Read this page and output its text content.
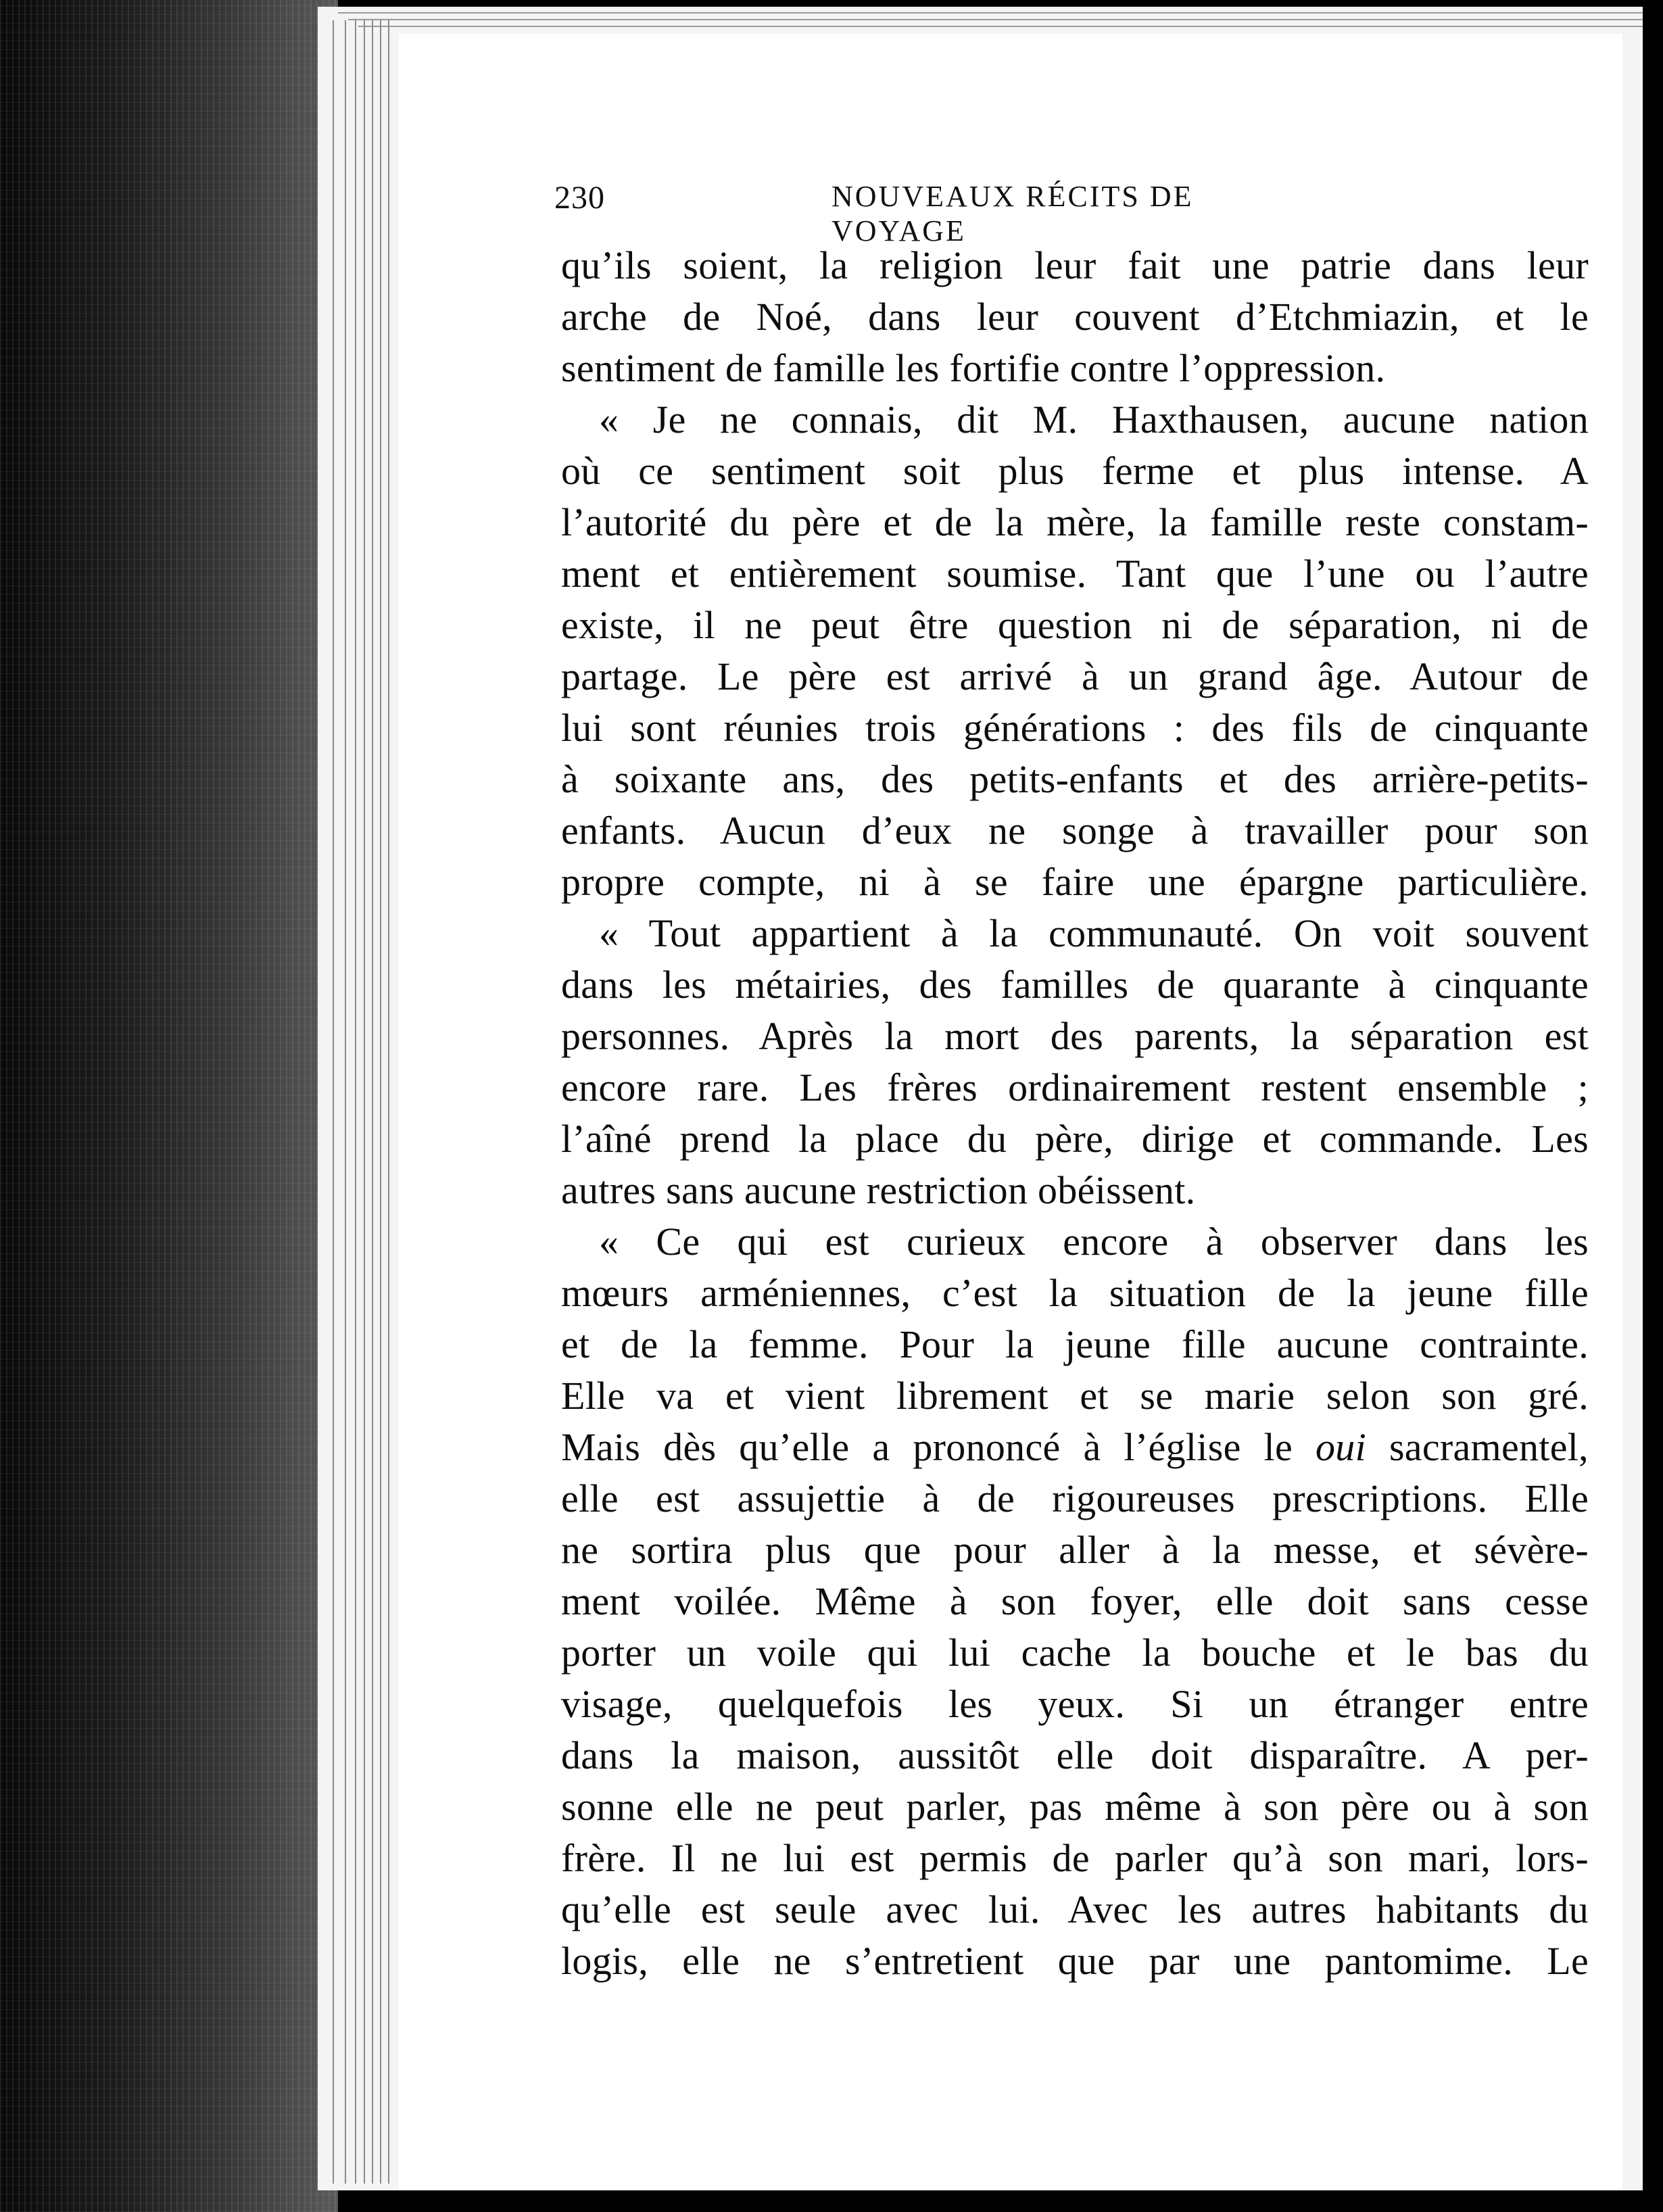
230	NOUVEAUX RÉCITS DE VOYAGE
qu’ils soient, la religion leur fait une patrie dans leur
arche de Noé, dans leur couvent d’Etchmiazin, et le
sentiment de famille les fortifie contre l’oppression.
« Je ne connais, dit M. Haxthausen, aucune nation
où ce sentiment soit plus ferme et plus intense. A
l’autorité du père et de la mère, la famille reste constam-
ment et entièrement soumise. Tant que l’une ou l’autre
existe, il ne peut être question ni de séparation, ni de
partage. Le père est arrivé à un grand âge. Autour de
lui sont réunies trois générations : des fils de cinquante
à soixante ans, des petits-enfants et des arrière-petits-
enfants. Aucun d’eux ne songe à travailler pour son
propre compte, ni à se faire une épargne particulière.
« Tout appartient à la communauté. On voit souvent
dans les métairies, des familles de quarante à cinquante
personnes. Après la mort des parents, la séparation est
encore rare. Les frères ordinairement restent ensemble ;
l’aîné prend la place du père, dirige et commande. Les
autres sans aucune restriction obéissent.
« Ce qui est curieux encore à observer dans les
mœurs arméniennes, c’est la situation de la jeune fille
et de la femme. Pour la jeune fille aucune contrainte.
Elle va et vient librement et se marie selon son gré.
Mais dès qu’elle a prononcé à l’église le oui sacramentel,
elle est assujettie à de rigoureuses prescriptions. Elle
ne sortira plus que pour aller à la messe, et sévère-
ment voilée. Même à son foyer, elle doit sans cesse
porter un voile qui lui cache la bouche et le bas du
visage, quelquefois les yeux. Si un étranger entre
dans la maison, aussitôt elle doit disparaître. A per-
sonne elle ne peut parler, pas même à son père ou à son
frère. Il ne lui est permis de parler qu’à son mari, lors-
qu’elle est seule avec lui. Avec les autres habitants du
logis, elle ne s’entretient que par une pantomime. Le
